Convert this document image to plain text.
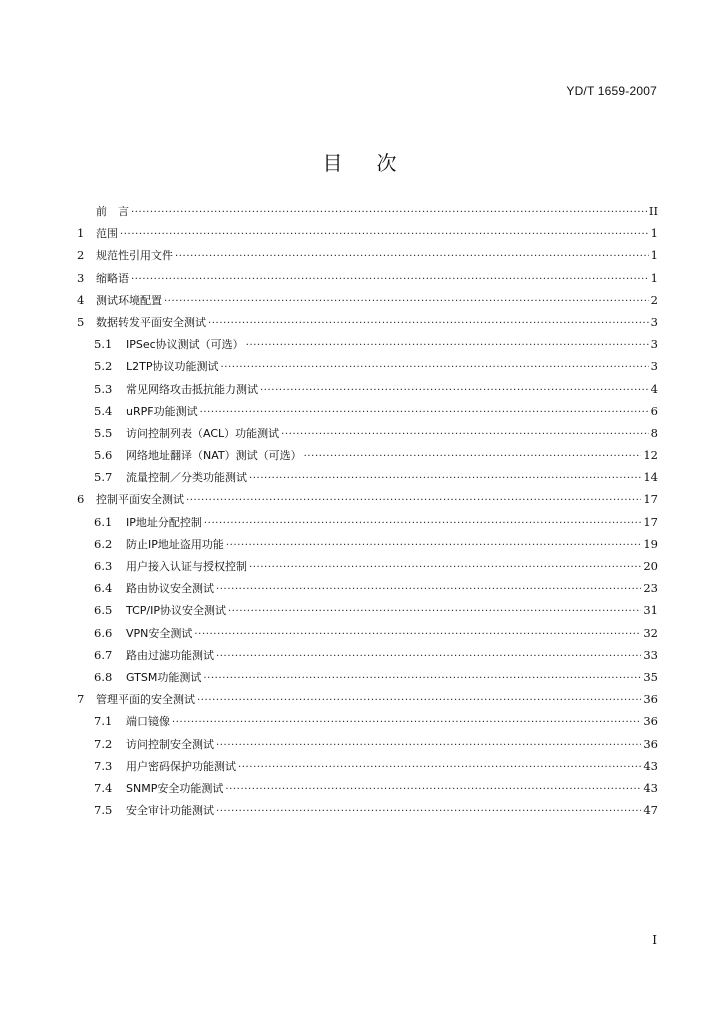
YD/T 1659-2007
目次
前　言 ·····	II
1	范围 ·····	1
2	规范性引用文件 ·····	1
3	缩略语 ·····	1
4	测试环境配置 ·····	2
5	数据转发平面安全测试 ·····	3
5.1	IPSec协议测试（可选） ·····	3
5.2	L2TP协议功能测试 ·····	3
5.3	常见网络攻击抵抗能力测试 ·····	4
5.4	uRPF功能测试 ·····	6
5.5	访问控制列表（ACL）功能测试 ·····	8
5.6	网络地址翻译（NAT）测试（可选） ·····	12
5.7	流量控制／分类功能测试 ·····	14
6	控制平面安全测试 ·····	17
6.1	IP地址分配控制 ·····	17
6.2	防止IP地址盗用功能 ·····	19
6.3	用户接入认证与授权控制 ·····	20
6.4	路由协议安全测试 ·····	23
6.5	TCP/IP协议安全测试 ·····	31
6.6	VPN安全测试 ·····	32
6.7	路由过滤功能测试 ·····	33
6.8	GTSM功能测试 ·····	35
7	管理平面的安全测试 ·····	36
7.1	端口镜像 ·····	36
7.2	访问控制安全测试 ·····	36
7.3	用户密码保护功能测试 ·····	43
7.4	SNMP安全功能测试 ·····	43
7.5	安全审计功能测试 ·····	47
I
